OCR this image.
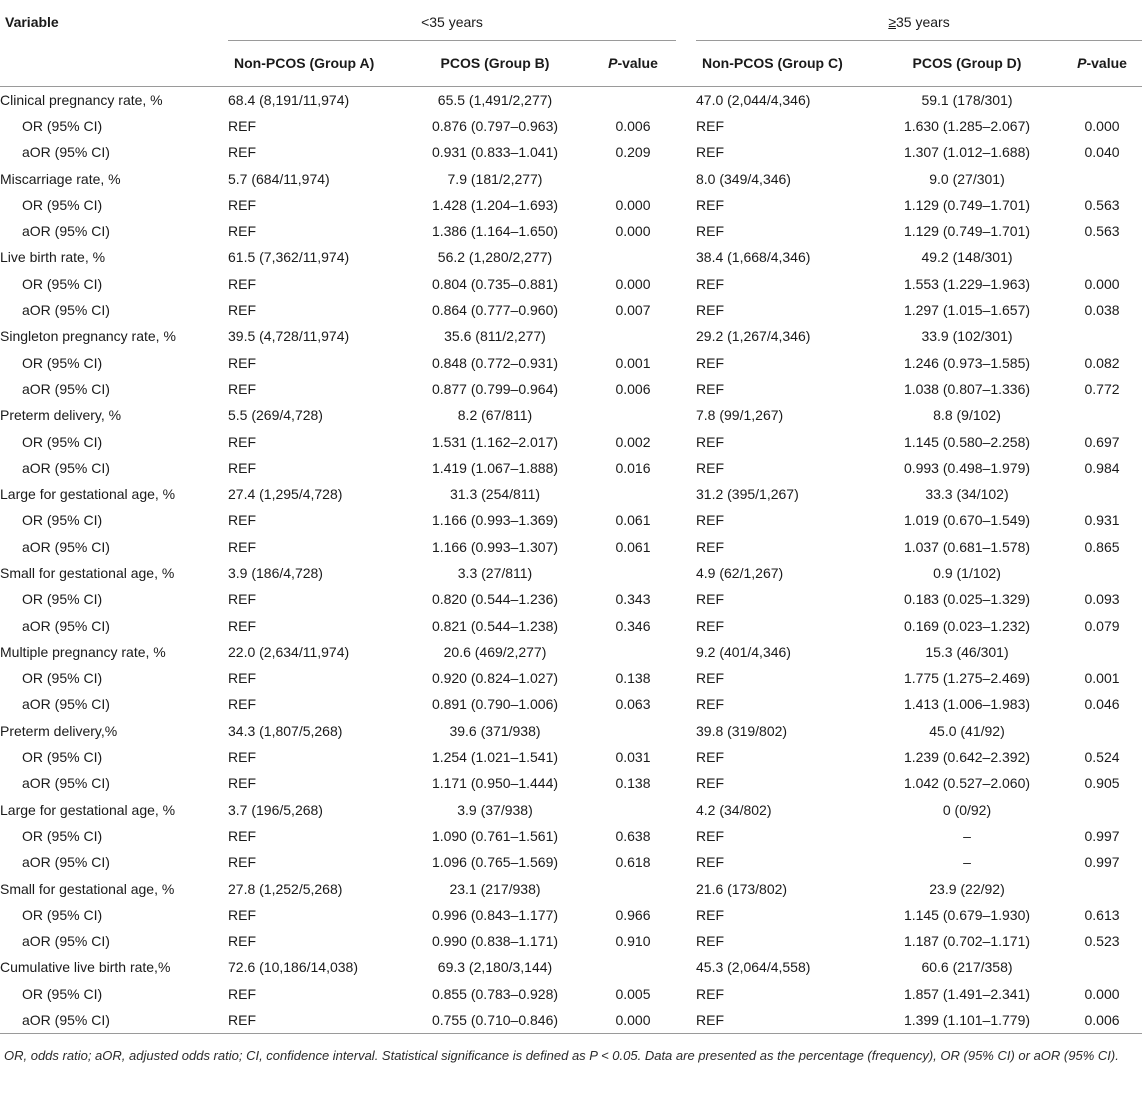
Variable	<35 years				≥35 years		
	Non-PCOS (Group A)	PCOS (Group B)	P-value		Non-PCOS (Group C)	PCOS (Group D)	P-value
Clinical pregnancy rate, %	68.4 (8,191/11,974)	65.5 (1,491/2,277)			47.0 (2,044/4,346)	59.1 (178/301)	
OR (95% CI)	REF	0.876 (0.797–0.963)	0.006		REF	1.630 (1.285–2.067)	0.000
aOR (95% CI)	REF	0.931 (0.833–1.041)	0.209		REF	1.307 (1.012–1.688)	0.040
Miscarriage rate, %	5.7 (684/11,974)	7.9 (181/2,277)			8.0 (349/4,346)	9.0 (27/301)	
OR (95% CI)	REF	1.428 (1.204–1.693)	0.000		REF	1.129 (0.749–1.701)	0.563
aOR (95% CI)	REF	1.386 (1.164–1.650)	0.000		REF	1.129 (0.749–1.701)	0.563
Live birth rate, %	61.5 (7,362/11,974)	56.2 (1,280/2,277)			38.4 (1,668/4,346)	49.2 (148/301)	
OR (95% CI)	REF	0.804 (0.735–0.881)	0.000		REF	1.553 (1.229–1.963)	0.000
aOR (95% CI)	REF	0.864 (0.777–0.960)	0.007		REF	1.297 (1.015–1.657)	0.038
Singleton pregnancy rate, %	39.5 (4,728/11,974)	35.6 (811/2,277)			29.2 (1,267/4,346)	33.9 (102/301)	
OR (95% CI)	REF	0.848 (0.772–0.931)	0.001		REF	1.246 (0.973–1.585)	0.082
aOR (95% CI)	REF	0.877 (0.799–0.964)	0.006		REF	1.038 (0.807–1.336)	0.772
Preterm delivery, %	5.5 (269/4,728)	8.2 (67/811)			7.8 (99/1,267)	8.8 (9/102)	
OR (95% CI)	REF	1.531 (1.162–2.017)	0.002		REF	1.145 (0.580–2.258)	0.697
aOR (95% CI)	REF	1.419 (1.067–1.888)	0.016		REF	0.993 (0.498–1.979)	0.984
Large for gestational age, %	27.4 (1,295/4,728)	31.3 (254/811)			31.2 (395/1,267)	33.3 (34/102)	
OR (95% CI)	REF	1.166 (0.993–1.369)	0.061		REF	1.019 (0.670–1.549)	0.931
aOR (95% CI)	REF	1.166 (0.993–1.307)	0.061		REF	1.037 (0.681–1.578)	0.865
Small for gestational age, %	3.9 (186/4,728)	3.3 (27/811)			4.9 (62/1,267)	0.9 (1/102)	
OR (95% CI)	REF	0.820 (0.544–1.236)	0.343		REF	0.183 (0.025–1.329)	0.093
aOR (95% CI)	REF	0.821 (0.544–1.238)	0.346		REF	0.169 (0.023–1.232)	0.079
Multiple pregnancy rate, %	22.0 (2,634/11,974)	20.6 (469/2,277)			9.2 (401/4,346)	15.3 (46/301)	
OR (95% CI)	REF	0.920 (0.824–1.027)	0.138		REF	1.775 (1.275–2.469)	0.001
aOR (95% CI)	REF	0.891 (0.790–1.006)	0.063		REF	1.413 (1.006–1.983)	0.046
Preterm delivery,%	34.3 (1,807/5,268)	39.6 (371/938)			39.8 (319/802)	45.0 (41/92)	
OR (95% CI)	REF	1.254 (1.021–1.541)	0.031		REF	1.239 (0.642–2.392)	0.524
aOR (95% CI)	REF	1.171 (0.950–1.444)	0.138		REF	1.042 (0.527–2.060)	0.905
Large for gestational age, %	3.7 (196/5,268)	3.9 (37/938)			4.2 (34/802)	0 (0/92)	
OR (95% CI)	REF	1.090 (0.761–1.561)	0.638		REF	–	0.997
aOR (95% CI)	REF	1.096 (0.765–1.569)	0.618		REF	–	0.997
Small for gestational age, %	27.8 (1,252/5,268)	23.1 (217/938)			21.6 (173/802)	23.9 (22/92)	
OR (95% CI)	REF	0.996 (0.843–1.177)	0.966		REF	1.145 (0.679–1.930)	0.613
aOR (95% CI)	REF	0.990 (0.838–1.171)	0.910		REF	1.187 (0.702–1.171)	0.523
Cumulative live birth rate,%	72.6 (10,186/14,038)	69.3 (2,180/3,144)			45.3 (2,064/4,558)	60.6 (217/358)	
OR (95% CI)	REF	0.855 (0.783–0.928)	0.005		REF	1.857 (1.491–2.341)	0.000
aOR (95% CI)	REF	0.755 (0.710–0.846)	0.000		REF	1.399 (1.101–1.779)	0.006
OR, odds ratio; aOR, adjusted odds ratio; CI, confidence interval. Statistical significance is defined as P < 0.05. Data are presented as the percentage (frequency), OR (95% CI) or aOR (95% CI).
